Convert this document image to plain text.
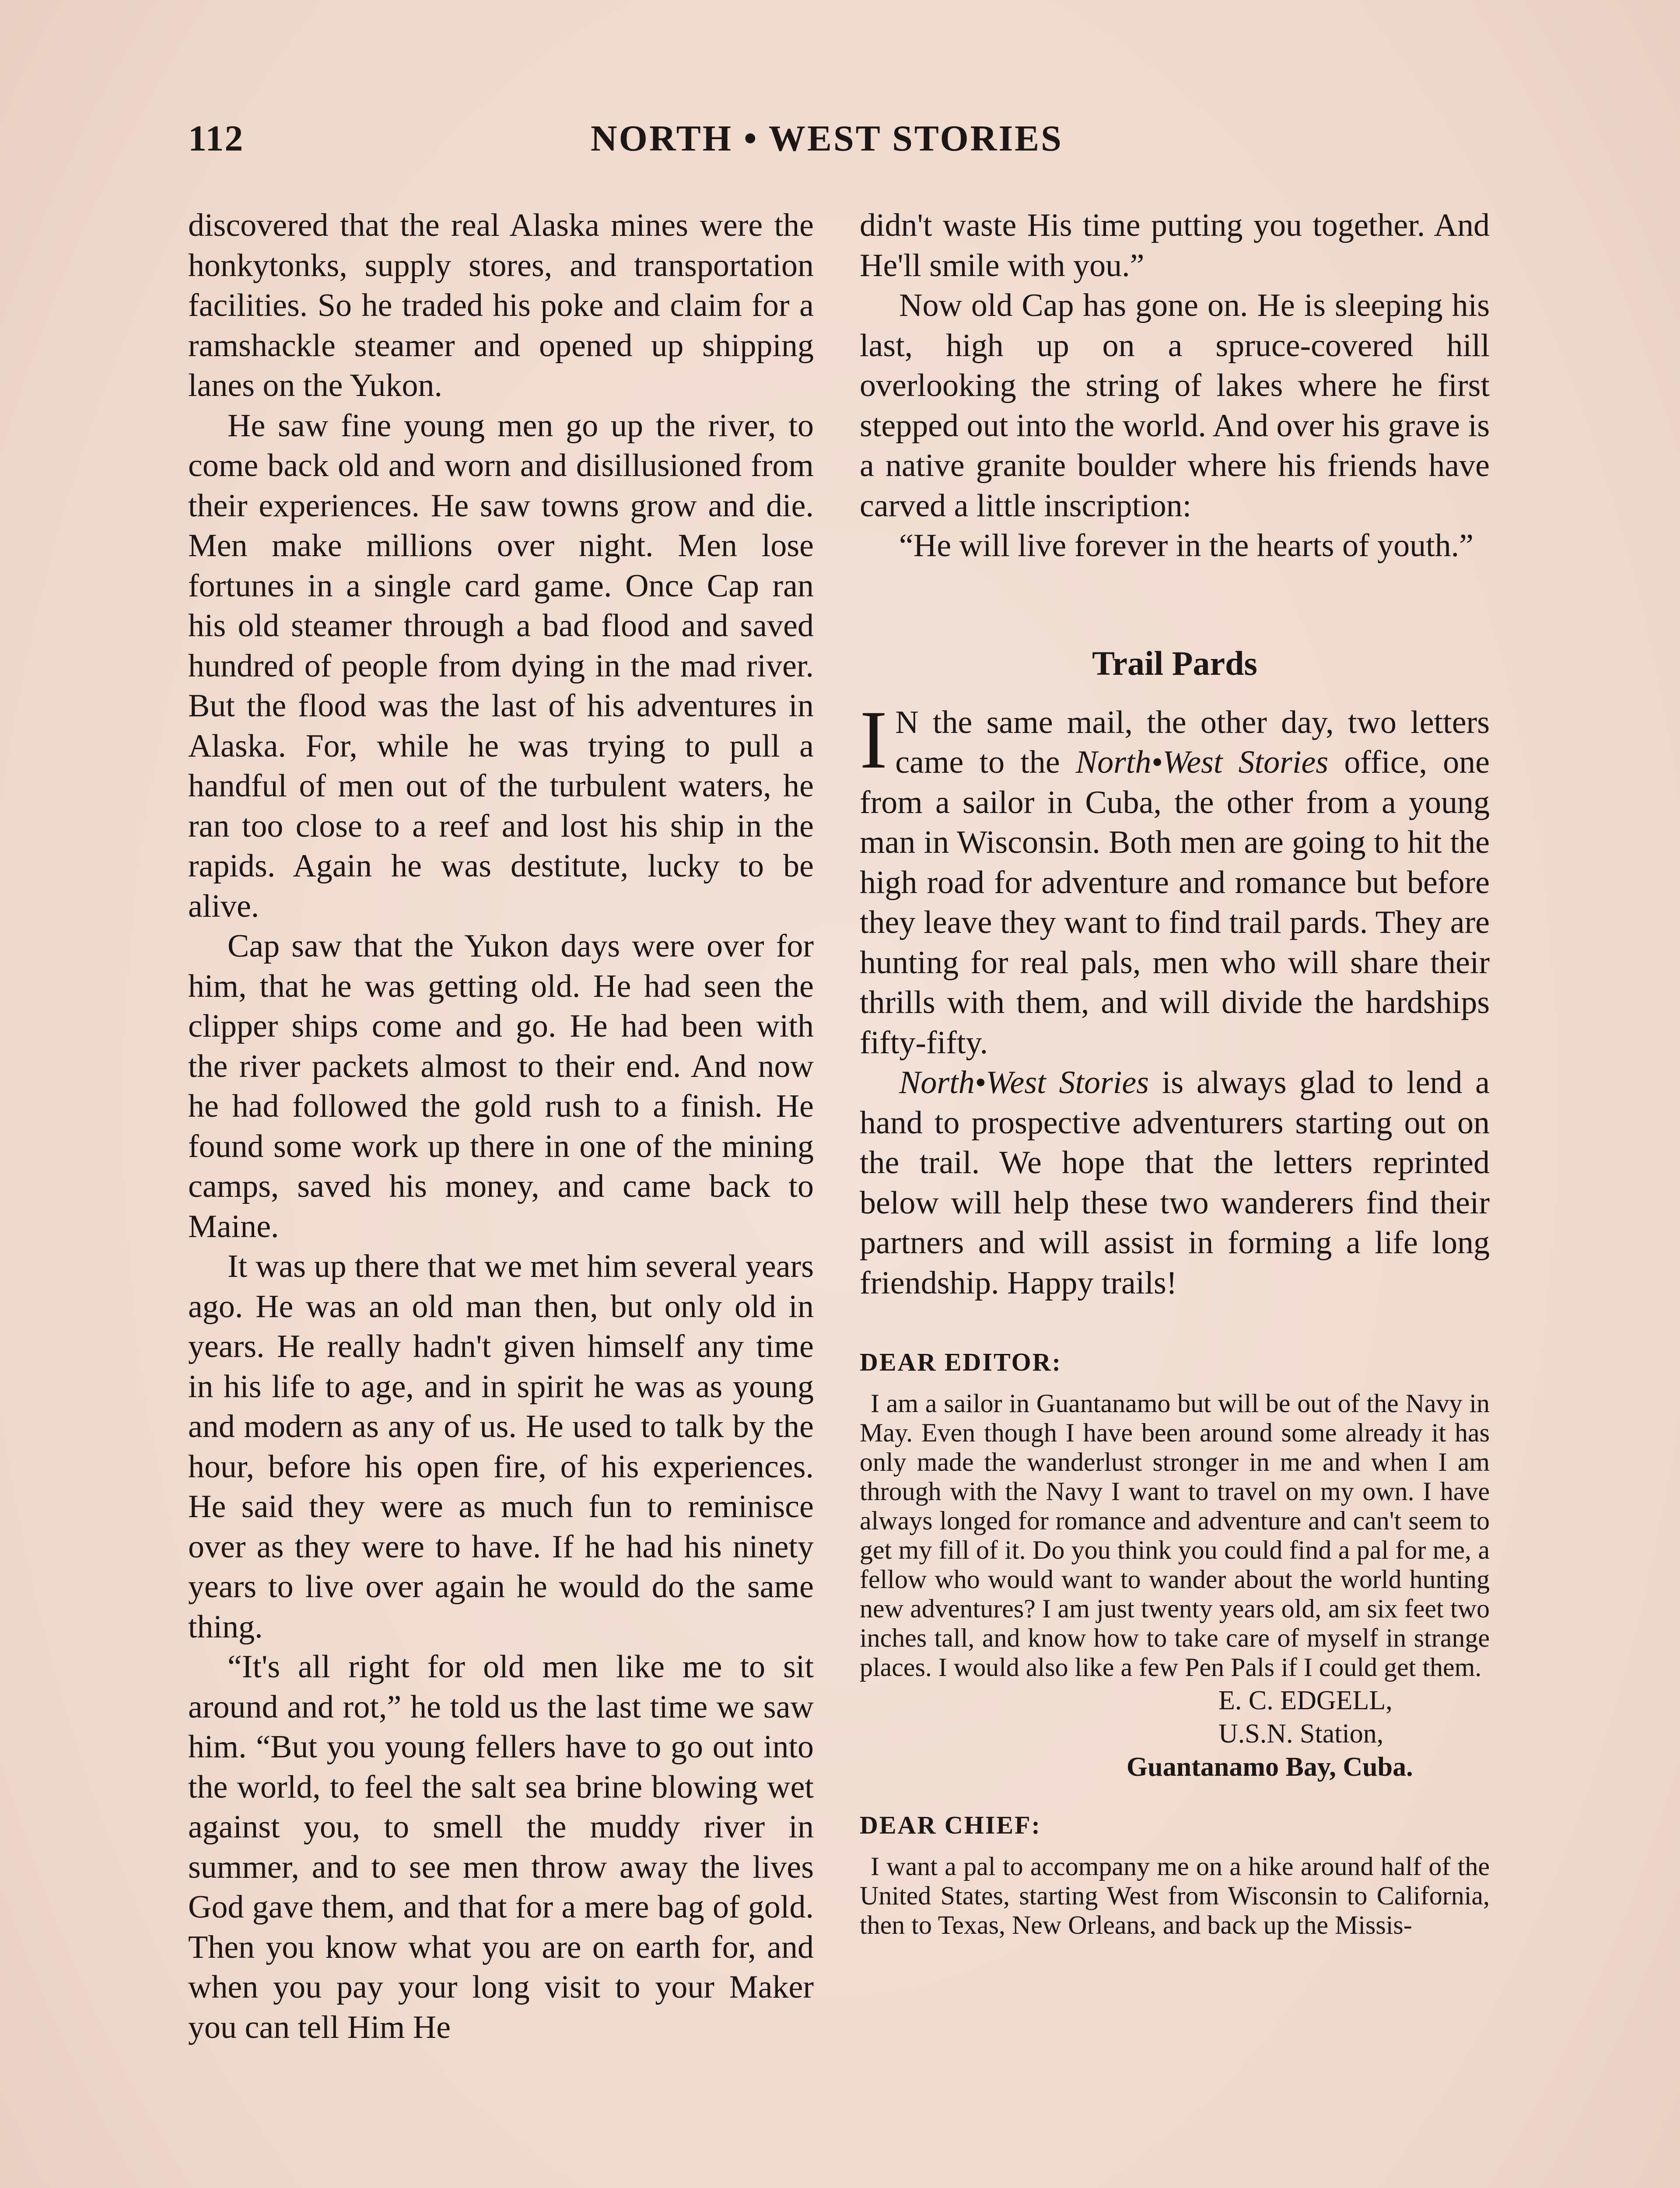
112	NORTH • WEST STORIES

discovered that the real Alaska mines were the honkytonks, supply stores, and transportation facilities. So he traded his poke and claim for a ramshackle steamer and opened up shipping lanes on the Yukon.

He saw fine young men go up the river, to come back old and worn and disillusioned from their experiences. He saw towns grow and die. Men make millions over night. Men lose fortunes in a single card game. Once Cap ran his old steamer through a bad flood and saved hundred of people from dying in the mad river. But the flood was the last of his adventures in Alaska. For, while he was trying to pull a handful of men out of the turbulent waters, he ran too close to a reef and lost his ship in the rapids. Again he was destitute, lucky to be alive.

Cap saw that the Yukon days were over for him, that he was getting old. He had seen the clipper ships come and go. He had been with the river packets almost to their end. And now he had followed the gold rush to a finish. He found some work up there in one of the mining camps, saved his money, and came back to Maine.

It was up there that we met him several years ago. He was an old man then, but only old in years. He really hadn't given himself any time in his life to age, and in spirit he was as young and modern as any of us. He used to talk by the hour, before his open fire, of his experiences. He said they were as much fun to reminisce over as they were to have. If he had his ninety years to live over again he would do the same thing.

“It's all right for old men like me to sit around and rot,” he told us the last time we saw him. “But you young fellers have to go out into the world, to feel the salt sea brine blowing wet against you, to smell the muddy river in summer, and to see men throw away the lives God gave them, and that for a mere bag of gold. Then you know what you are on earth for, and when you pay your long visit to your Maker you can tell Him He

didn't waste His time putting you together. And He'll smile with you.”

Now old Cap has gone on. He is sleeping his last, high up on a spruce-covered hill overlooking the string of lakes where he first stepped out into the world. And over his grave is a native granite boulder where his friends have carved a little inscription:

“He will live forever in the hearts of youth.”

Trail Pards

I N the same mail, the other day, two letters came to the North•West Stories office, one from a sailor in Cuba, the other from a young man in Wisconsin. Both men are going to hit the high road for adventure and romance but before they leave they want to find trail pards. They are hunting for real pals, men who will share their thrills with them, and will divide the hardships fifty-fifty.

North•West Stories is always glad to lend a hand to prospective adventurers starting out on the trail. We hope that the letters reprinted below will help these two wanderers find their partners and will assist in forming a life long friendship. Happy trails!

DEAR EDITOR:

I am a sailor in Guantanamo but will be out of the Navy in May. Even though I have been around some already it has only made the wanderlust stronger in me and when I am through with the Navy I want to travel on my own. I have always longed for romance and adventure and can't seem to get my fill of it. Do you think you could find a pal for me, a fellow who would want to wander about the world hunting new adventures? I am just twenty years old, am six feet two inches tall, and know how to take care of myself in strange places. I would also like a few Pen Pals if I could get them.

E. C. EDGELL,
U.S.N. Station,
Guantanamo Bay, Cuba.
DEAR CHIEF:

I want a pal to accompany me on a hike around half of the United States, starting West from Wisconsin to California, then to Texas, New Orleans, and back up the Missis-
